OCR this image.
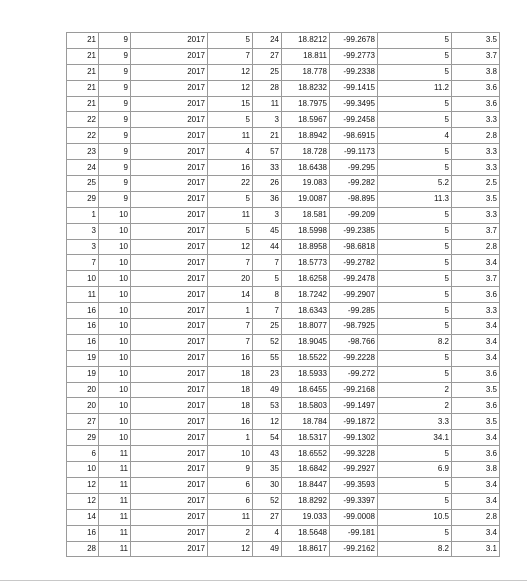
21	9	2017	5	24	18.8212	-99.2678	5	3.5
21	9	2017	7	27	18.811	-99.2773	5	3.7
21	9	2017	12	25	18.778	-99.2338	5	3.8
21	9	2017	12	28	18.8232	-99.1415	11.2	3.6
21	9	2017	15	11	18.7975	-99.3495	5	3.6
22	9	2017	5	3	18.5967	-99.2458	5	3.3
22	9	2017	11	21	18.8942	-98.6915	4	2.8
23	9	2017	4	57	18.728	-99.1173	5	3.3
24	9	2017	16	33	18.6438	-99.295	5	3.3
25	9	2017	22	26	19.083	-99.282	5.2	2.5
29	9	2017	5	36	19.0087	-98.895	11.3	3.5
1	10	2017	11	3	18.581	-99.209	5	3.3
3	10	2017	5	45	18.5998	-99.2385	5	3.7
3	10	2017	12	44	18.8958	-98.6818	5	2.8
7	10	2017	7	7	18.5773	-99.2782	5	3.4
10	10	2017	20	5	18.6258	-99.2478	5	3.7
11	10	2017	14	8	18.7242	-99.2907	5	3.6
16	10	2017	1	7	18.6343	-99.285	5	3.3
16	10	2017	7	25	18.8077	-98.7925	5	3.4
16	10	2017	7	52	18.9045	-98.766	8.2	3.4
19	10	2017	16	55	18.5522	-99.2228	5	3.4
19	10	2017	18	23	18.5933	-99.272	5	3.6
20	10	2017	18	49	18.6455	-99.2168	2	3.5
20	10	2017	18	53	18.5803	-99.1497	2	3.6
27	10	2017	16	12	18.784	-99.1872	3.3	3.5
29	10	2017	1	54	18.5317	-99.1302	34.1	3.4
6	11	2017	10	43	18.6552	-99.3228	5	3.6
10	11	2017	9	35	18.6842	-99.2927	6.9	3.8
12	11	2017	6	30	18.8447	-99.3593	5	3.4
12	11	2017	6	52	18.8292	-99.3397	5	3.4
14	11	2017	11	27	19.033	-99.0008	10.5	2.8
16	11	2017	2	4	18.5648	-99.181	5	3.4
28	11	2017	12	49	18.8617	-99.2162	8.2	3.1
